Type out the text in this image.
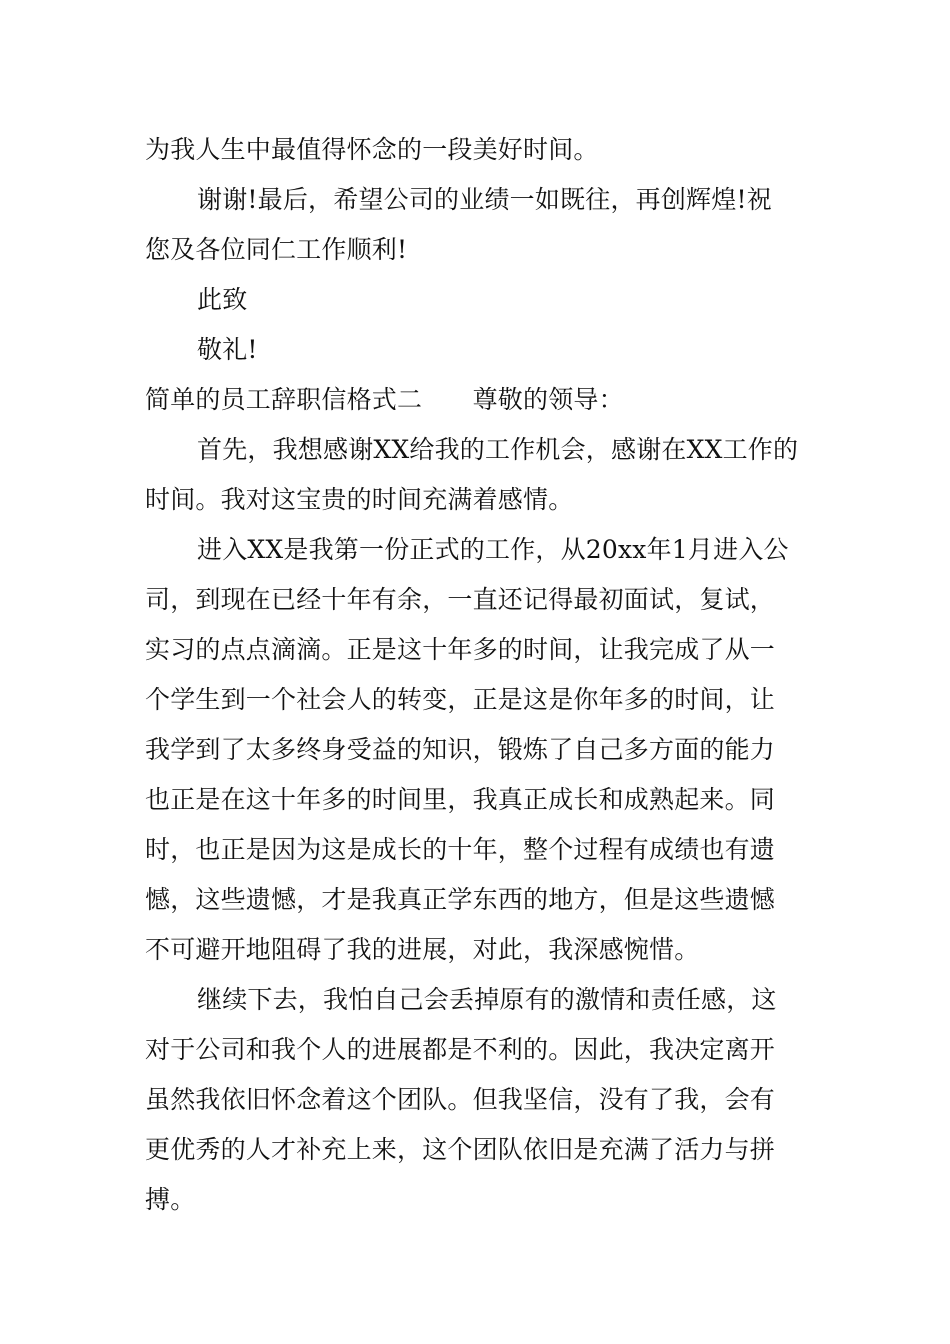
为我人生中最值得怀念的一段美好时间。
谢谢!最后，希望公司的业绩一如既往，再创辉煌!祝
您及各位同仁工作顺利!
此致
敬礼!
简单的员工辞职信格式二　　尊敬的领导：
首先，我想感谢XX给我的工作机会，感谢在XX工作的
时间。我对这宝贵的时间充满着感情。
进入XX是我第一份正式的工作，从20xx年1月进入公
司，到现在已经十年有余，一直还记得最初面试，复试，
实习的点点滴滴。正是这十年多的时间，让我完成了从一
个学生到一个社会人的转变，正是这是你年多的时间，让
我学到了太多终身受益的知识，锻炼了自己多方面的能力
也正是在这十年多的时间里，我真正成长和成熟起来。同
时，也正是因为这是成长的十年，整个过程有成绩也有遗
憾，这些遗憾，才是我真正学东西的地方，但是这些遗憾
不可避开地阻碍了我的进展，对此，我深感惋惜。
继续下去，我怕自己会丢掉原有的激情和责任感，这
对于公司和我个人的进展都是不利的。因此，我决定离开
虽然我依旧怀念着这个团队。但我坚信，没有了我，会有
更优秀的人才补充上来，这个团队依旧是充满了活力与拼
搏。
